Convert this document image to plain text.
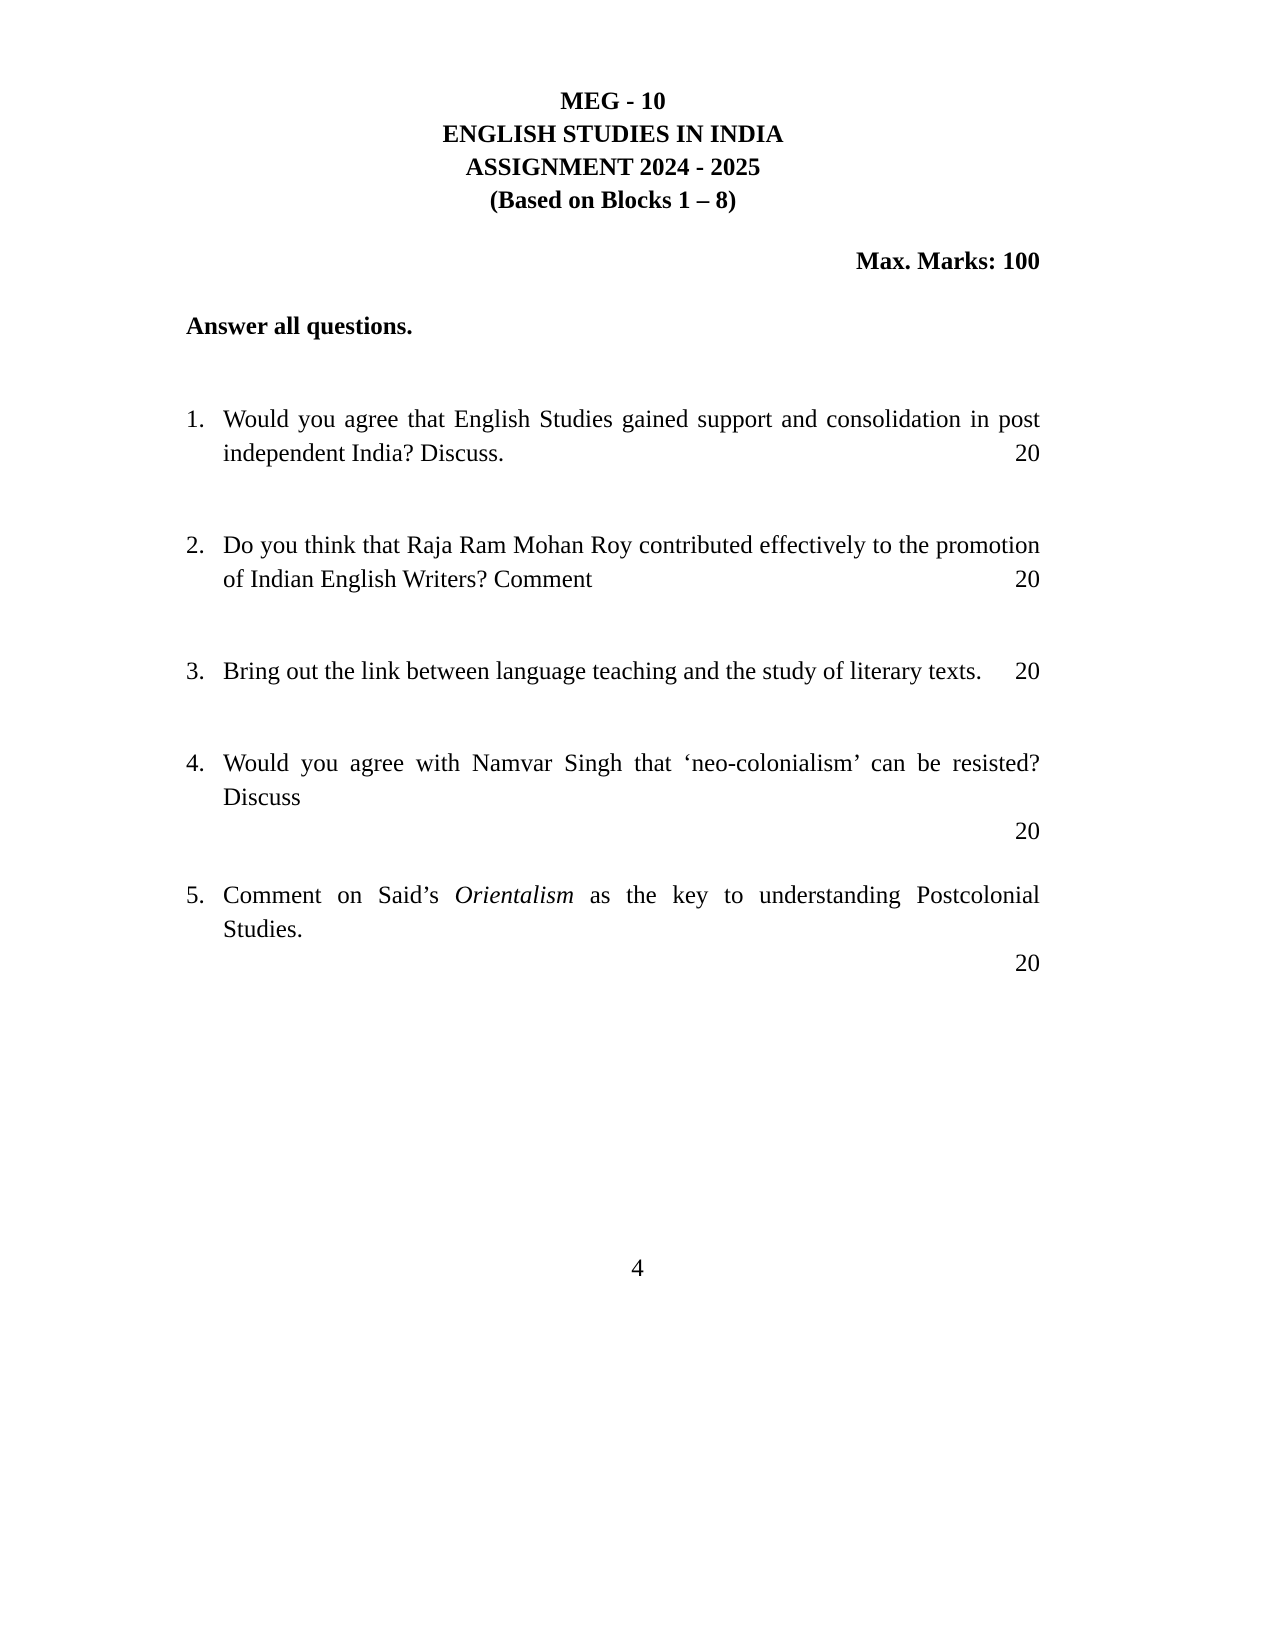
MEG - 10
ENGLISH STUDIES IN INDIA
ASSIGNMENT 2024 - 2025
(Based on Blocks 1 – 8)
Max. Marks: 100
Answer all questions.
1. Would you agree that English Studies gained support and consolidation in post independent India? Discuss.	20
2. Do you think that Raja Ram Mohan Roy contributed effectively to the promotion of Indian English Writers? Comment	20
3. Bring out the link between language teaching and the study of literary texts. 20
4. Would you agree with Namvar Singh that ‘neo-colonialism’ can be resisted? Discuss
20
5. Comment on Said’s Orientalism as the key to understanding Postcolonial Studies.
20
4
